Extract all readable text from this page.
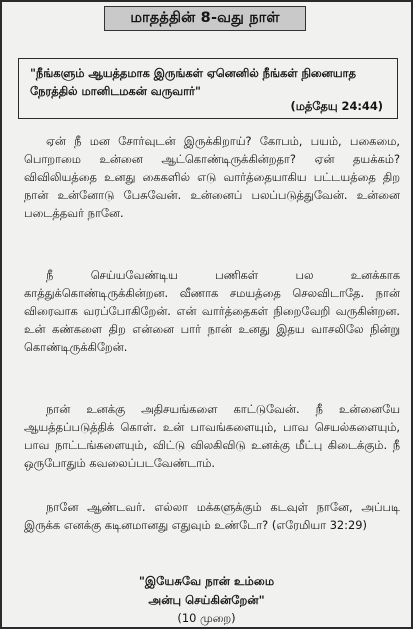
மாதத்தின் 8-வது நாள்
"நீங்களும் ஆயத்தமாக இருங்கள் ஏனெனில் நீங்கள் நினையாத நேரத்தில் மானிடமகன் வருவார்"
(மத்தேயு 24:44)

ஏன் நீ மன சோர்வுடன் இருக்கிறாய்? கோபம், பயம், பகைமை, பொறாமை உன்னை ஆட்கொண்டிருக்கின்றதா? ஏன் தயக்கம்? விவிலியத்தை உனது கைகளில் எடு வார்த்தையாகிய பட்டயத்தை திற நான் உன்னோடு பேசுவேன். உன்னைப் பலப்படுத்துவேன். உன்னை படைத்தவர் நானே.

நீ செய்யவேண்டிய பணிகள் பல உனக்காக காத்துக்கொண்டிருக்கின்றன. வீணாக சமயத்தை செலவிடாதே. நான் விரைவாக வரப்போகிறேன். என் வார்த்தைகள் நிறைவேறி வருகின்றன. உன் கண்களை திற என்னை பார் நான் உனது இதய வாசலிலே நின்று கொண்டிருக்கிறேன்.

நான் உனக்கு அதிசயங்களை காட்டுவேன். நீ உன்னையே ஆயத்தப்படுத்திக் கொள். உன் பாவங்களையும், பாவ செயல்களையும், பாவ நாட்டங்களையும், விட்டு விலகிவிடு உனக்கு மீட்பு கிடைக்கும். நீ ஒருபோதும் கவலைப்படவேண்டாம்.

நானே ஆண்டவர். எல்லா மக்களுக்கும் கடவுள் நானே, அப்படி இருக்க எனக்கு கடினமானது எதுவும் உண்டோ? (எரேமியா 32:29)

"இயேசுவே நான் உம்மை
அன்பு செய்கின்றேன்"
(10 முறை)
